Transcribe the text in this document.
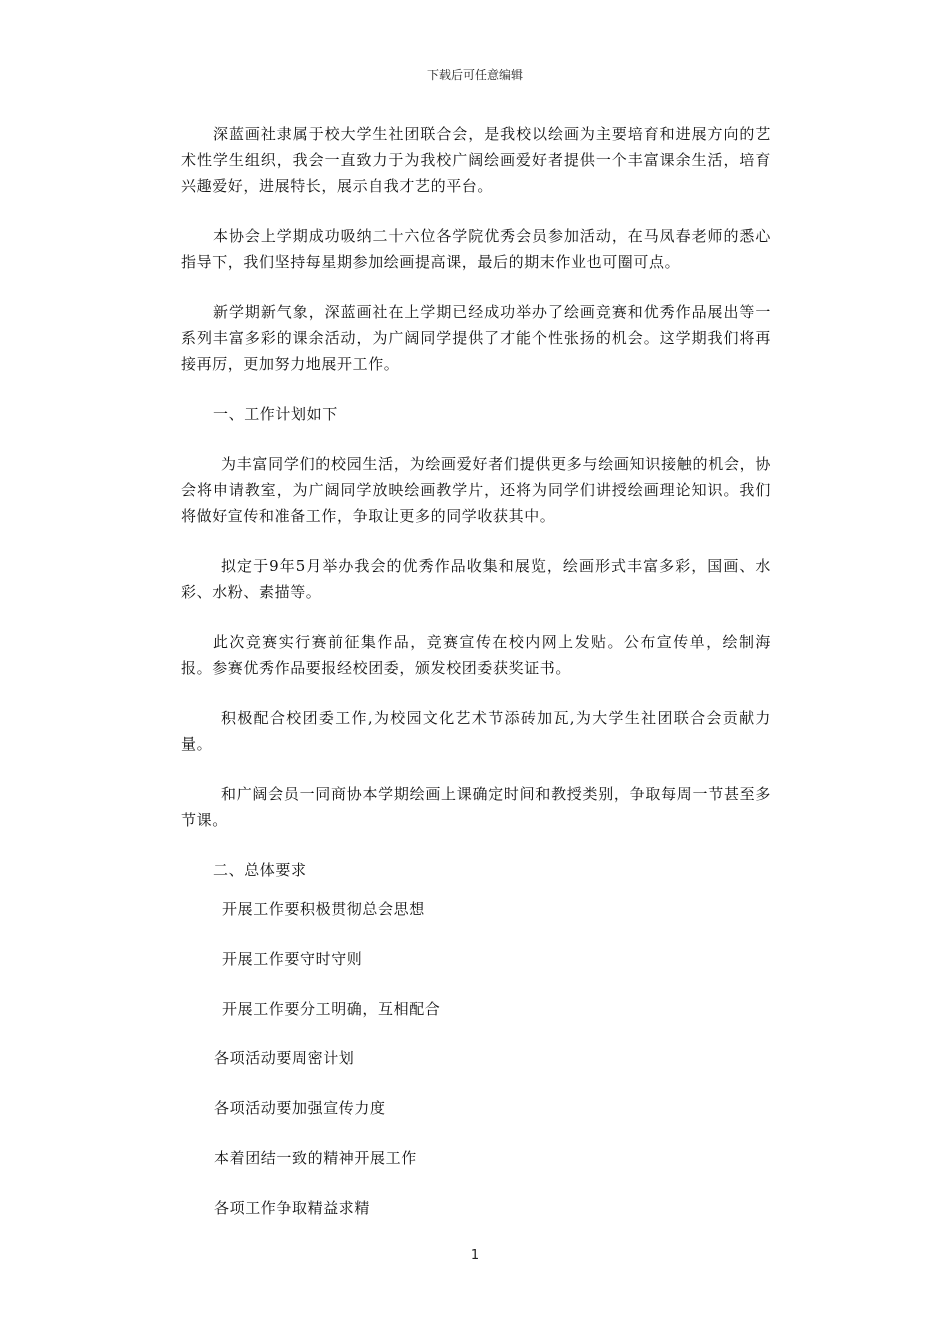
下载后可任意编辑

深蓝画社隶属于校大学生社团联合会，是我校以绘画为主要培育和进展方向的艺术性学生组织，我会一直致力于为我校广阔绘画爱好者提供一个丰富课余生活，培育兴趣爱好，进展特长，展示自我才艺的平台。

本协会上学期成功吸纳二十六位各学院优秀会员参加活动，在马凤春老师的悉心指导下，我们坚持每星期参加绘画提高课，最后的期末作业也可圈可点。

新学期新气象，深蓝画社在上学期已经成功举办了绘画竞赛和优秀作品展出等一系列丰富多彩的课余活动，为广阔同学提供了才能个性张扬的机会。这学期我们将再接再厉，更加努力地展开工作。

一、工作计划如下

为丰富同学们的校园生活，为绘画爱好者们提供更多与绘画知识接触的机会，协会将申请教室，为广阔同学放映绘画教学片，还将为同学们讲授绘画理论知识。我们将做好宣传和准备工作，争取让更多的同学收获其中。

拟定于9年5月举办我会的优秀作品收集和展览，绘画形式丰富多彩，国画、水彩、水粉、素描等。

此次竞赛实行赛前征集作品，竞赛宣传在校内网上发贴。公布宣传单，绘制海报。参赛优秀作品要报经校团委，颁发校团委获奖证书。

积极配合校团委工作,为校园文化艺术节添砖加瓦,为大学生社团联合会贡献力量。

和广阔会员一同商协本学期绘画上课确定时间和教授类别，争取每周一节甚至多节课。

二、总体要求

开展工作要积极贯彻总会思想
开展工作要守时守则
开展工作要分工明确，互相配合
各项活动要周密计划
各项活动要加强宣传力度
本着团结一致的精神开展工作
各项工作争取精益求精
1
